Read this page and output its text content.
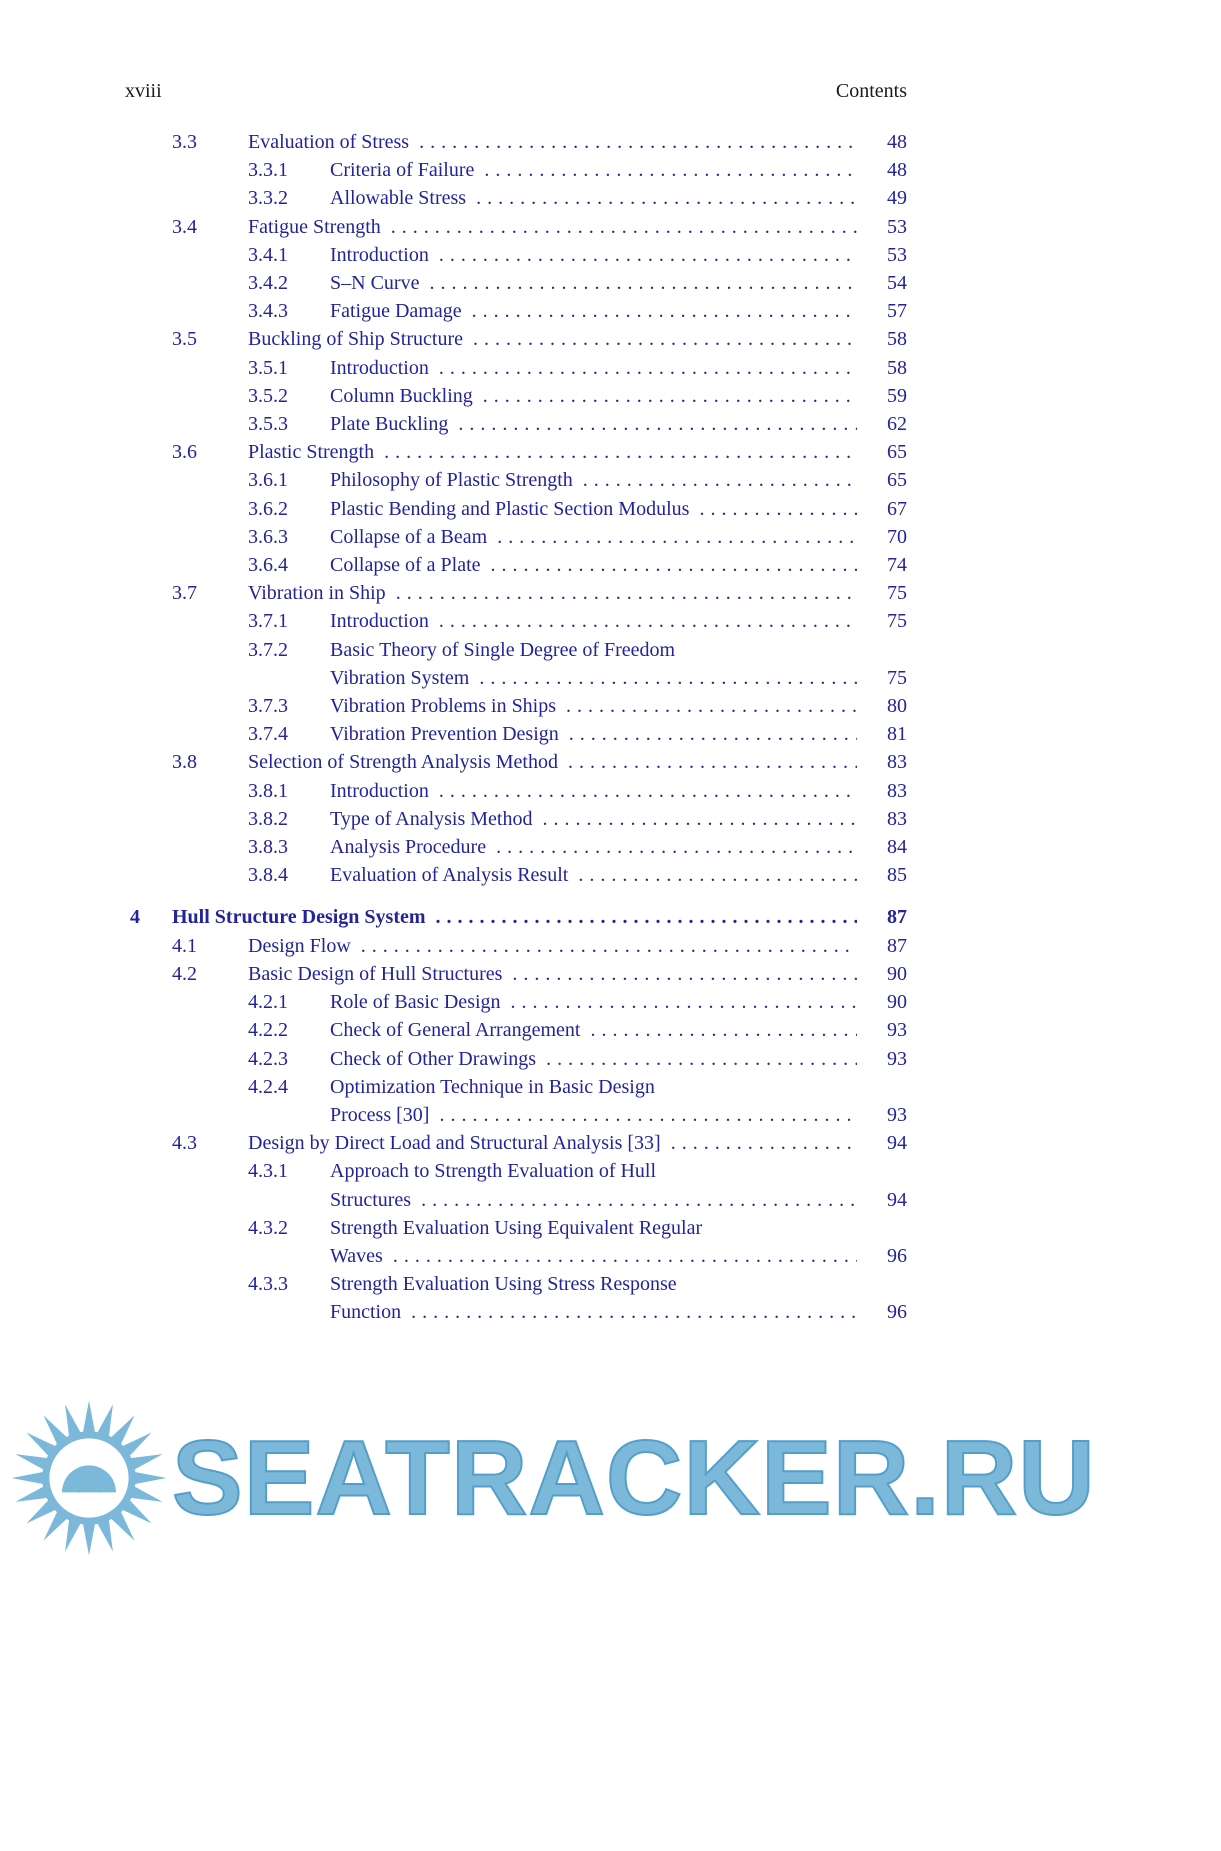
xviii	Contents
3.3	Evaluation of Stress .....	48
3.3.1	Criteria of Failure .....	48
3.3.2	Allowable Stress .....	49
3.4	Fatigue Strength .....	53
3.4.1	Introduction .....	53
3.4.2	S–N Curve .....	54
3.4.3	Fatigue Damage .....	57
3.5	Buckling of Ship Structure .....	58
3.5.1	Introduction .....	58
3.5.2	Column Buckling .....	59
3.5.3	Plate Buckling .....	62
3.6	Plastic Strength .....	65
3.6.1	Philosophy of Plastic Strength .....	65
3.6.2	Plastic Bending and Plastic Section Modulus .....	67
3.6.3	Collapse of a Beam .....	70
3.6.4	Collapse of a Plate .....	74
3.7	Vibration in Ship .....	75
3.7.1	Introduction .....	75
3.7.2	Basic Theory of Single Degree of Freedom
Vibration System .....	75
3.7.3	Vibration Problems in Ships .....	80
3.7.4	Vibration Prevention Design .....	81
3.8	Selection of Strength Analysis Method .....	83
3.8.1	Introduction .....	83
3.8.2	Type of Analysis Method .....	83
3.8.3	Analysis Procedure .....	84
3.8.4	Evaluation of Analysis Result .....	85
4	Hull Structure Design System .....	87
4.1	Design Flow .....	87
4.2	Basic Design of Hull Structures .....	90
4.2.1	Role of Basic Design .....	90
4.2.2	Check of General Arrangement .....	93
4.2.3	Check of Other Drawings .....	93
4.2.4	Optimization Technique in Basic Design
Process [30] .....	93
4.3	Design by Direct Load and Structural Analysis [33] .....	94
4.3.1	Approach to Strength Evaluation of Hull
Structures .....	94
4.3.2	Strength Evaluation Using Equivalent Regular
Waves .....	96
4.3.3	Strength Evaluation Using Stress Response
Function .....	96
SEATRACKER.RU
